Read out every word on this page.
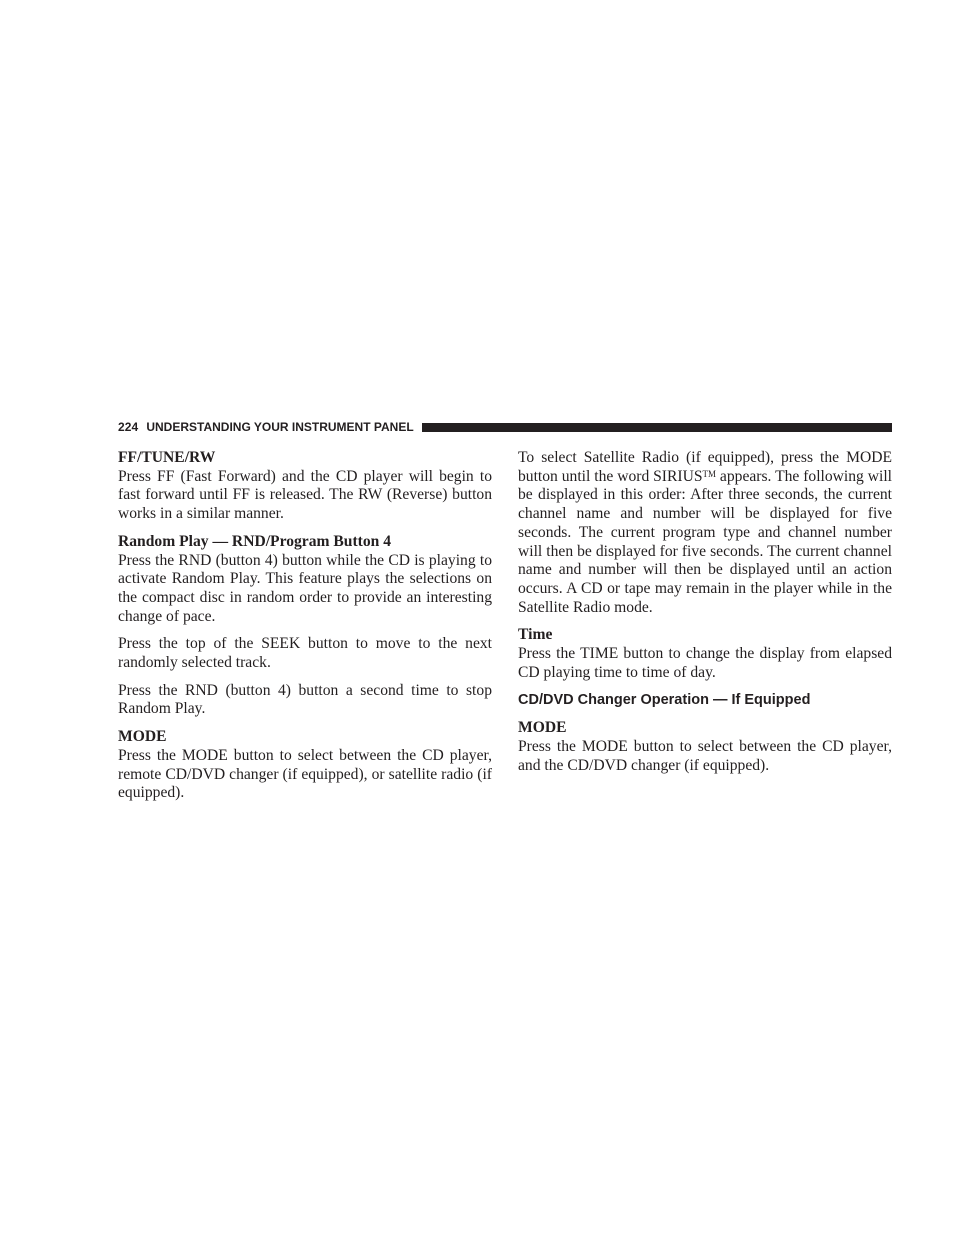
224 UNDERSTANDING YOUR INSTRUMENT PANEL
FF/TUNE/RW

Press FF (Fast Forward) and the CD player will begin to fast forward until FF is released. The RW (Reverse) button works in a similar manner.

Random Play — RND/Program Button 4

Press the RND (button 4) button while the CD is playing to activate Random Play. This feature plays the selections on the compact disc in random order to provide an interesting change of pace.

Press the top of the SEEK button to move to the next randomly selected track.

Press the RND (button 4) button a second time to stop Random Play.

MODE

Press the MODE button to select between the CD player, remote CD/DVD changer (if equipped), or satellite radio (if equipped).

To select Satellite Radio (if equipped), press the MODE button until the word SIRIUS™ appears. The following will be displayed in this order: After three seconds, the current channel name and number will be displayed for five seconds. The current program type and channel number will then be displayed for five seconds. The current channel name and number will then be displayed until an action occurs. A CD or tape may remain in the player while in the Satellite Radio mode.

Time

Press the TIME button to change the display from elapsed CD playing time to time of day.

CD/DVD Changer Operation — If Equipped
MODE

Press the MODE button to select between the CD player, and the CD/DVD changer (if equipped).
